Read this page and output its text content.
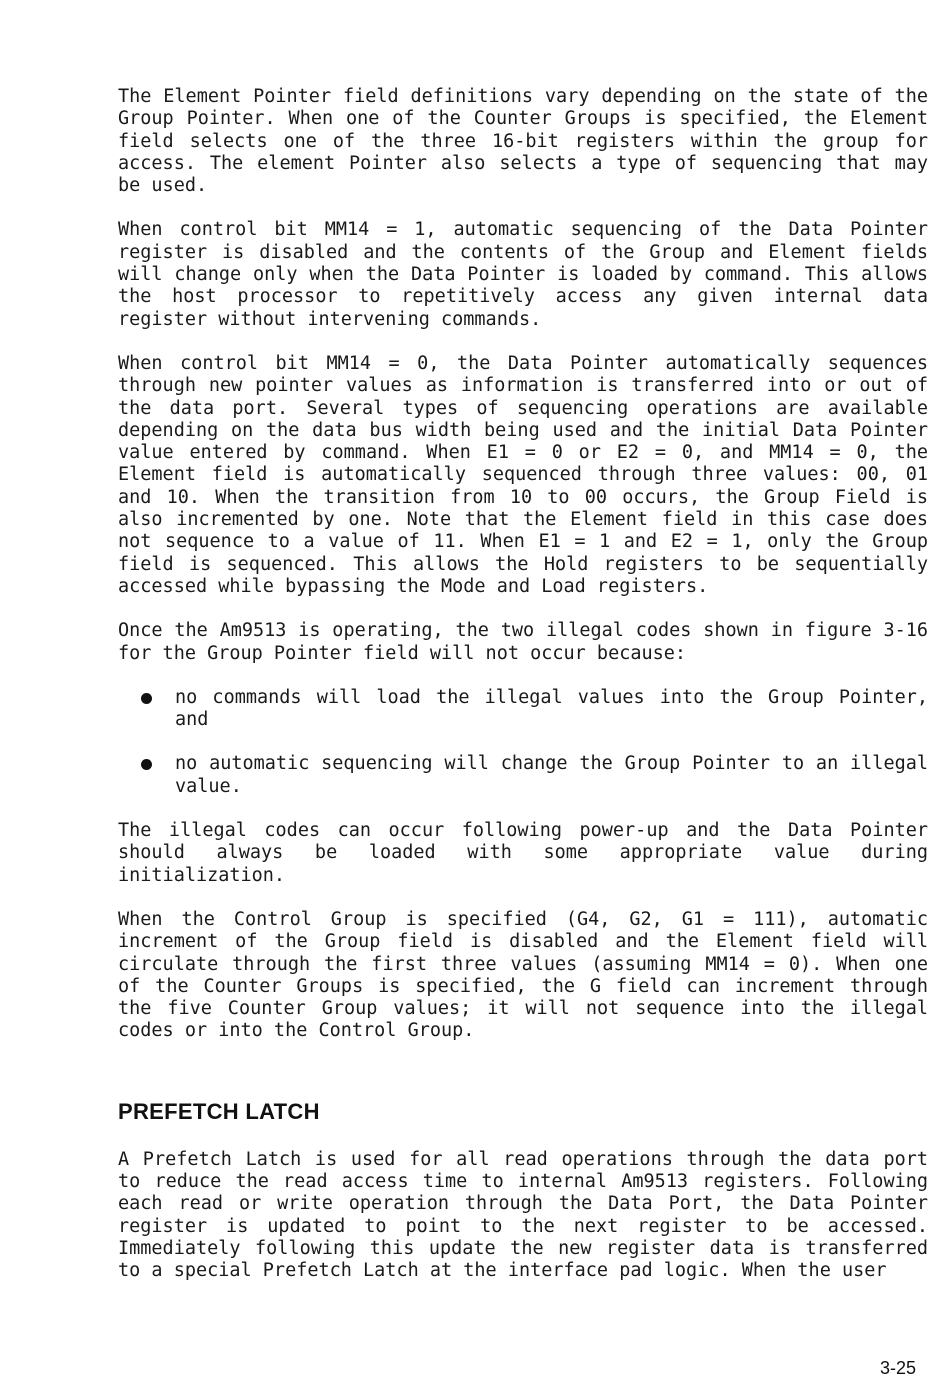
The Element Pointer field definitions vary depending on the state of the Group Pointer. When one of the Counter Groups is specified, the Element field selects one of the three 16-bit registers within the group for access. The element Pointer also selects a type of sequencing that may be used.

When control bit MM14 = 1, automatic sequencing of the Data Pointer register is disabled and the contents of the Group and Element fields will change only when the Data Pointer is loaded by command. This allows the host processor to repetitively access any given internal data register without intervening commands.

When control bit MM14 = 0, the Data Pointer automatically sequences through new pointer values as information is transferred into or out of the data port. Several types of sequencing operations are available depending on the data bus width being used and the initial Data Pointer value entered by command. When E1 = 0 or E2 = 0, and MM14 = 0, the Element field is automatically sequenced through three values: 00, 01 and 10. When the transition from 10 to 00 occurs, the Group Field is also incremented by one. Note that the Element field in this case does not sequence to a value of 11. When E1 = 1 and E2 = 1, only the Group field is sequenced. This allows the Hold registers to be sequentially accessed while bypassing the Mode and Load registers.

Once the Am9513 is operating, the two illegal codes shown in figure 3-16 for the Group Pointer field will not occur because:

no commands will load the illegal values into the Group Pointer, and
no automatic sequencing will change the Group Pointer to an illegal value.

The illegal codes can occur following power-up and the Data Pointer should always be loaded with some appropriate value during initialization.

When the Control Group is specified (G4, G2, G1 = 111), automatic increment of the Group field is disabled and the Element field will circulate through the first three values (assuming MM14 = 0). When one of the Counter Groups is specified, the G field can increment through the five Counter Group values; it will not sequence into the illegal codes or into the Control Group.

PREFETCH LATCH

A Prefetch Latch is used for all read operations through the data port to reduce the read access time to internal Am9513 registers. Following each read or write operation through the Data Port, the Data Pointer register is updated to point to the next register to be accessed. Immediately following this update the new register data is transferred to a special Prefetch Latch at the interface pad logic. When the user

3-25
